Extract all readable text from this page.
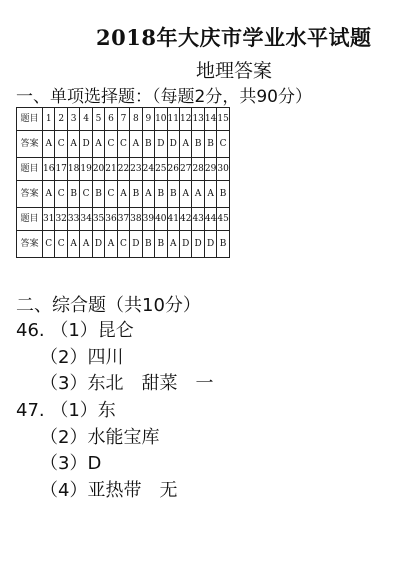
2018年大庆市学业水平试题
地理答案
一、单项选择题：（每题2分，共90分）
题目	1	2	3	4	5	6	7	8	9	10	11	12	13	14	15
答案	A	C	A	D	A	C	C	A	B	D	D	A	B	B	C
题目	16	17	18	19	20	21	22	23	24	25	26	27	28	29	30
答案	A	C	B	C	B	C	A	B	A	B	B	A	A	A	B
题目	31	32	33	34	35	36	37	38	39	40	41	42	43	44	45
答案	C	C	A	A	D	A	C	D	B	B	A	D	D	D	B
二、综合题（共10分）
46. （1）昆仑
（2）四川
（3）东北　甜菜　一
47. （1）东
（2）水能宝库
（3）D
（4）亚热带　无
